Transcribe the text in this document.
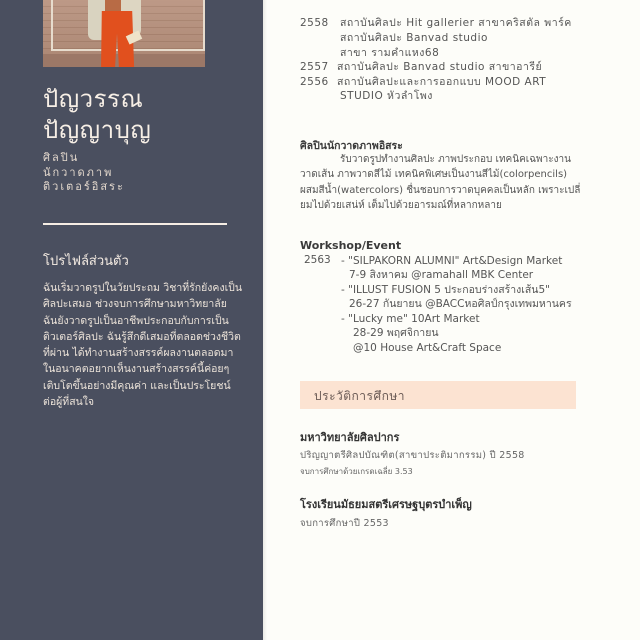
ปัญวรรณ
ปัญญาบุญ
ศิลปิน
นักวาดภาพ
ติวเตอร์อิสระ
โปรไฟล์ส่วนตัว
ฉันเริ่มวาดรูปในวัยประถม วิชาที่รักยังคงเป็นศิลปะเสมอ ช่วงจบการศึกษามหาวิทยาลัย ฉันยังวาดรูปเป็นอาชีพประกอบกับการเป็นติวเตอร์ศิลปะ ฉันรู้สึกดีเสมอที่ตลอดช่วงชีวิตที่ผ่าน ได้ทำงานสร้างสรรค์ผลงานตลอดมา ในอนาคตอยากเห็นงานสร้างสรรค์นี้ค่อยๆเติบโตขึ้นอย่างมีคุณค่า และเป็นประโยชน์ต่อผู้ที่สนใจ
2558	สถาบันศิลปะ Hit gallerier สาขาคริสตัล พาร์ค
สถาบันศิลปะ Banvad studio
สาขา รามคำแหง68
2557 สถาบันศิลปะ Banvad studio สาขาอารีย์
2556 สถาบันศิลปะและการออกแบบ MOOD ART
STUDIO หัวลำโพง
ศิลปินนักวาดภาพอิสระ
รับวาดรูปทำงานศิลปะ ภาพประกอบ เทคนิคเฉพาะงานวาดเส้น ภาพวาดสีไม้ เทคนิคพิเศษเป็นงานสีไม้(colorpencils) ผสมสีน้ำ(watercolors) ชื่นชอบการวาดบุคคลเป็นหลัก เพราะเปลี่ยมไปด้วยเสน่ห์ เต็มไปด้วยอารมณ์ที่หลากหลาย
Workshop/Event
2563 - "SILPAKORN ALUMNI" Art&Design Market
7-9 สิงหาคม @ramahall MBK Center
- "ILLUST FUSION 5 ประกอบร่างสร้างเส้น5"
26-27 กันยายน @BACCหอศิลป์กรุงเทพมหานคร
- "Lucky me" 10Art Market
28-29 พฤศจิกายน
@10 House Art&Craft Space
ประวัติการศึกษา
มหาวิทยาลัยศิลปากร
ปริญญาตรีศิลปบัณฑิต(สาขาประติมากรรม) ปี 2558
จบการศึกษาด้วยเกรดเฉลี่ย 3.53
โรงเรียนมัธยมสตรีเศรษฐบุตรบำเพ็ญ
จบการศึกษาปี 2553
